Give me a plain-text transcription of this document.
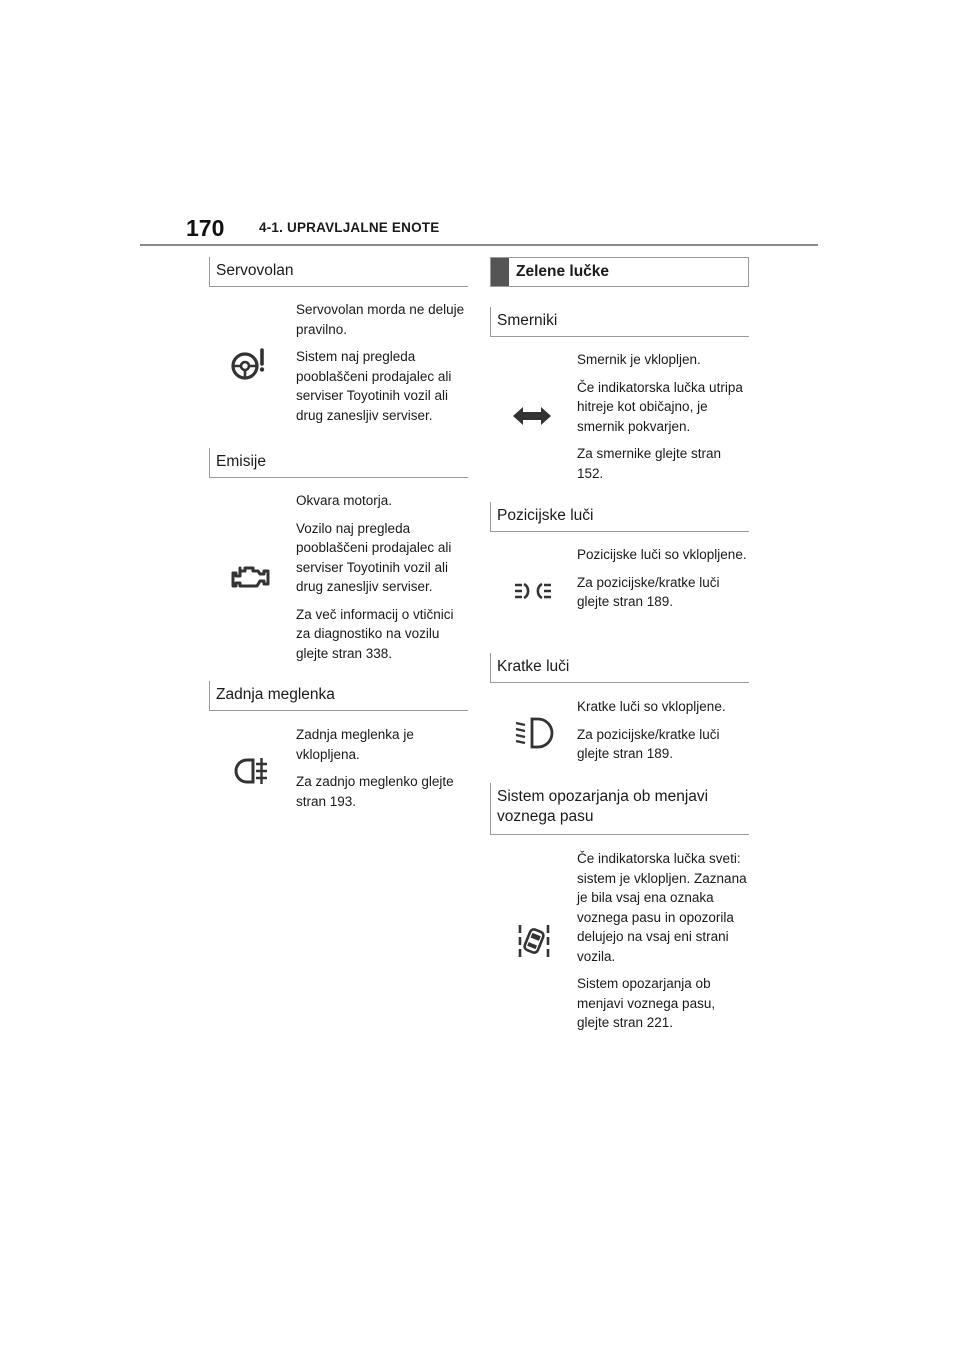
170	4-1. UPRAVLJALNE ENOTE
Servovolan

Servovolan morda ne deluje pravilno.

Sistem naj pregleda pooblaščeni prodajalec ali serviser Toyotinih vozil ali drug zanesljiv serviser.

Emisije

Okvara motorja.

Vozilo naj pregleda pooblaščeni prodajalec ali serviser Toyotinih vozil ali drug zanesljiv serviser.

Za več informacij o vtičnici za diagnostiko na vozilu glejte stran 338.

Zadnja meglenka

Zadnja meglenka je vklopljena.

Za zadnjo meglenko glejte stran 193.

Zelene lučke
Smerniki

Smernik je vklopljen.

Če indikatorska lučka utripa hitreje kot običajno, je smernik pokvarjen.

Za smernike glejte stran 152.

Pozicijske luči

Pozicijske luči so vklopljene.

Za pozicijske/kratke luči glejte stran 189.

Kratke luči

Kratke luči so vklopljene.

Za pozicijske/kratke luči glejte stran 189.

Sistem opozarjanja ob menjavi voznega pasu

Če indikatorska lučka sveti: sistem je vklopljen. Zaznana je bila vsaj ena oznaka voznega pasu in opozorila delujejo na vsaj eni strani vozila.

Sistem opozarjanja ob menjavi voznega pasu, glejte stran 221.
